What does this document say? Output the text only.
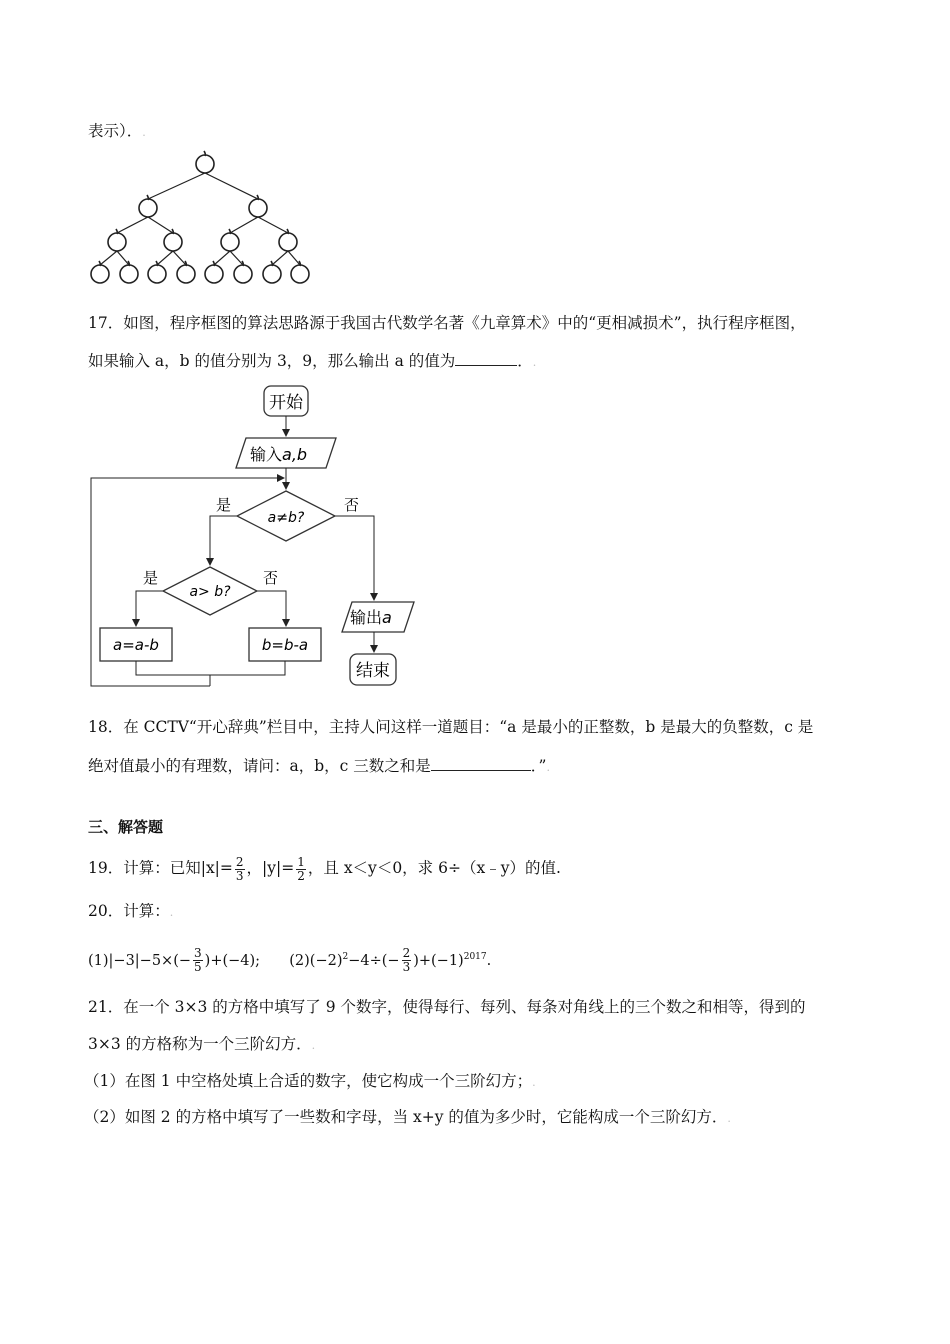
表示）．.
17．如图，程序框图的算法思路源于我国古代数学名著《九章算术》中的“更相减损术”，执行程序框图，
如果输入 a，b 的值分别为 3，9，那么输出 a 的值为	．.
开始
输入a,b
a≠b?
是	否
a> b?
是	否
a=a-b	b=b-a
输出a
结束
18．在 CCTV“开心辞典”栏目中，主持人问这样一道题目：“a 是最小的正整数，b 是最大的负整数，c 是
绝对值最小的有理数，请问：a，b，c 三数之和是	．”.
三、解答题
19．计算：已知$|x|= \frac{2}{3}$ ，$|y|= \frac{1}{2}$ ，且 x＜y＜0，求 6÷（x﹣y）的值.
20．计算：.
$(1)|-3|-5\times(- \frac{3}{5} )+(-4)$; $(2)(-2)^2-4\div(- \frac{2}{3} )+(-1)^{2017}$.
21．在一个 3×3 的方格中填写了 9 个数字，使得每行、每列、每条对角线上的三个数之和相等，得到的
3×3 的方格称为一个三阶幻方．.
（1）在图 1 中空格处填上合适的数字，使它构成一个三阶幻方；.
（2）如图 2 的方格中填写了一些数和字母，当 x+y 的值为多少时，它能构成一个三阶幻方．.
